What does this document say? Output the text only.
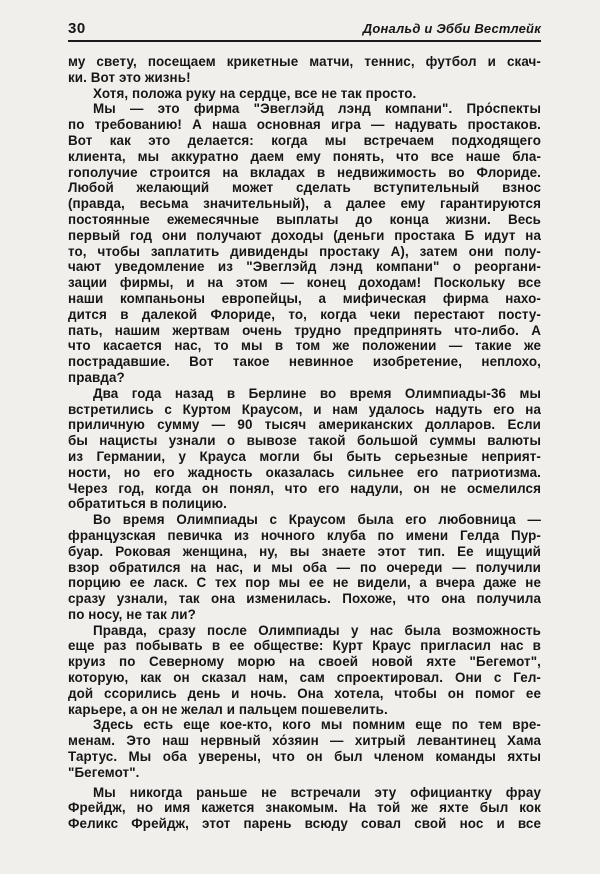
30	Дональд и Эбби Вестлейк
му свету, посещаем крикетные матчи, теннис, футбол и скач-
ки. Вот это жизнь!
Хотя, положа руку на сердце, все не так просто.
Мы — это фирма "Эвеглэйд лэнд компани". Про́спекты
по требованию! А наша основная игра — надувать простаков.
Вот как это делается: когда мы встречаем подходящего
клиента, мы аккуратно даем ему понять, что все наше бла-
гополучие строится на вкладах в недвижимость во Флориде.
Любой желающий может сделать вступительный взнос
(правда, весьма значительный), а далее ему гарантируются
постоянные ежемесячные выплаты до конца жизни. Весь
первый год они получают доходы (деньги простака Б идут на
то, чтобы заплатить дивиденды простаку А), затем они полу-
чают уведомление из "Эвеглэйд лэнд компани" о реоргани-
зации фирмы, и на этом — конец доходам! Поскольку все
наши компаньоны европейцы, а мифическая фирма нахо-
дится в далекой Флориде, то, когда чеки перестают посту-
пать, нашим жертвам очень трудно предпринять что-либо. А
что касается нас, то мы в том же положении — такие же
пострадавшие. Вот такое невинное изобретение, неплохо,
правда?
Два года назад в Берлине во время Олимпиады-36 мы
встретились с Куртом Краусом, и нам удалось надуть его на
приличную сумму — 90 тысяч американских долларов. Если
бы нацисты узнали о вывозе такой большой суммы валюты
из Германии, у Крауса могли бы быть серьезные неприят-
ности, но его жадность оказалась сильнее его патриотизма.
Через год, когда он понял, что его надули, он не осмелился
обратиться в полицию.
Во время Олимпиады с Краусом была его любовница —
французская певичка из ночного клуба по имени Гелда Пур-
буар. Роковая женщина, ну, вы знаете этот тип. Ее ищущий
взор обратился на нас, и мы оба — по очереди — получили
порцию ее ласк. С тех пор мы ее не видели, а вчера даже не
сразу узнали, так она изменилась. Похоже, что она получила
по носу, не так ли?
Правда, сразу после Олимпиады у нас была возможность
еще раз побывать в ее обществе: Курт Краус пригласил нас в
круиз по Северному морю на своей новой яхте "Бегемот",
которую, как он сказал нам, сам спроектировал. Они с Гел-
дой ссорились день и ночь. Она хотела, чтобы он помог ее
карьере, а он не желал и пальцем пошевелить.
Здесь есть еще кое-кто, кого мы помним еще по тем вре-
менам. Это наш нервный хо́зяин — хитрый левантинец Хама
Тартус. Мы оба уверены, что он был членом команды яхты
"Бегемот".
Мы никогда раньше не встречали эту официантку фрау
Фрейдж, но имя кажется знакомым. На той же яхте был кок
Феликс Фрейдж, этот парень всюду совал свой нос и все
